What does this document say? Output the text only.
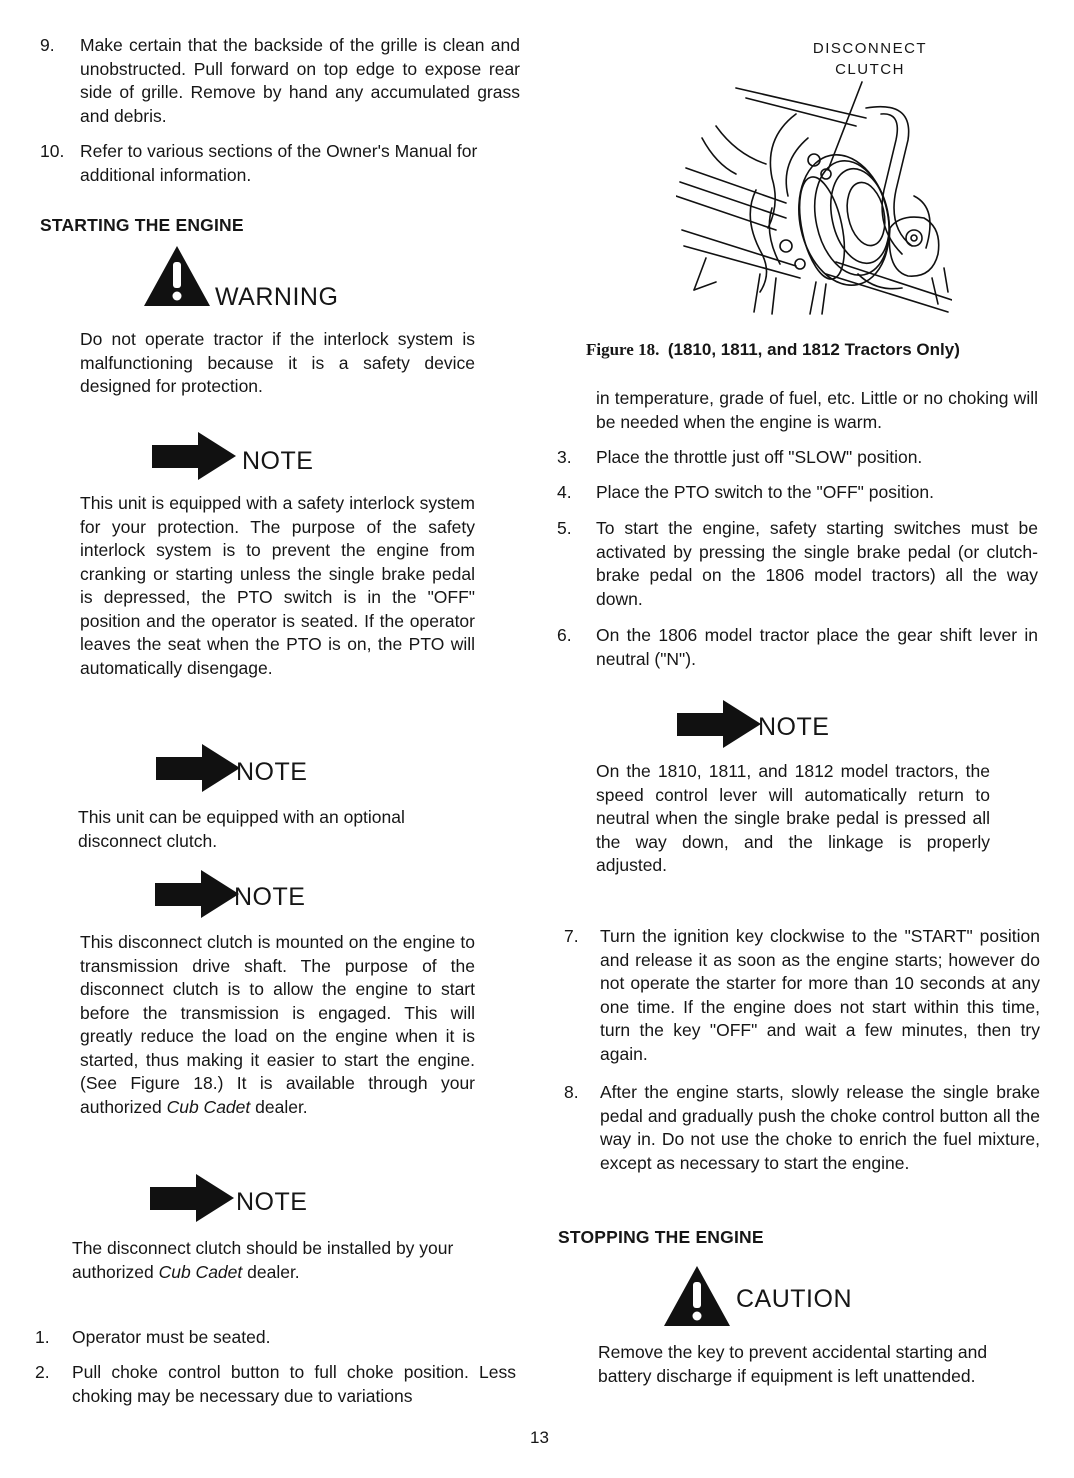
9. Make certain that the backside of the grille is clean and unobstructed. Pull forward on top edge to expose rear side of grille. Remove by hand any accumulated grass and debris.
10. Refer to various sections of the Owner's Manual for additional information.
STARTING THE ENGINE
WARNING
Do not operate tractor if the interlock system is malfunctioning because it is a safety device designed for protection.
NOTE
This unit is equipped with a safety interlock system for your protection. The purpose of the safety interlock system is to prevent the engine from cranking or starting unless the single brake pedal is depressed, the PTO switch is in the "OFF" position and the operator is seated. If the operator leaves the seat when the PTO is on, the PTO will automatically disengage.
NOTE
This unit can be equipped with an optional disconnect clutch.
NOTE
This disconnect clutch is mounted on the engine to transmission drive shaft. The purpose of the disconnect clutch is to allow the engine to start before the transmission is engaged. This will greatly reduce the load on the engine when it is started, thus making it easier to start the engine. (See Figure 18.) It is available through your authorized Cub Cadet dealer.
NOTE
The disconnect clutch should be installed by your authorized Cub Cadet dealer.
1. Operator must be seated.
2. Pull choke control button to full choke position. Less choking may be necessary due to variations
DISCONNECT
CLUTCH
Figure 18. (1810, 1811, and 1812 Tractors Only)
in temperature, grade of fuel, etc. Little or no choking will be needed when the engine is warm.
3. Place the throttle just off "SLOW" position.
4. Place the PTO switch to the "OFF" position.
5. To start the engine, safety starting switches must be activated by pressing the single brake pedal (or clutch-brake pedal on the 1806 model tractors) all the way down.
6. On the 1806 model tractor place the gear shift lever in neutral ("N").
NOTE
On the 1810, 1811, and 1812 model tractors, the speed control lever will automatically return to neutral when the single brake pedal is pressed all the way down, and the linkage is properly adjusted.
7. Turn the ignition key clockwise to the "START" position and release it as soon as the engine starts; however do not operate the starter for more than 10 seconds at any one time. If the engine does not start within this time, turn the key "OFF" and wait a few minutes, then try again.
8. After the engine starts, slowly release the single brake pedal and gradually push the choke control button all the way in. Do not use the choke to enrich the fuel mixture, except as necessary to start the engine.
STOPPING THE ENGINE
CAUTION
Remove the key to prevent accidental starting and battery discharge if equipment is left unattended.
13
